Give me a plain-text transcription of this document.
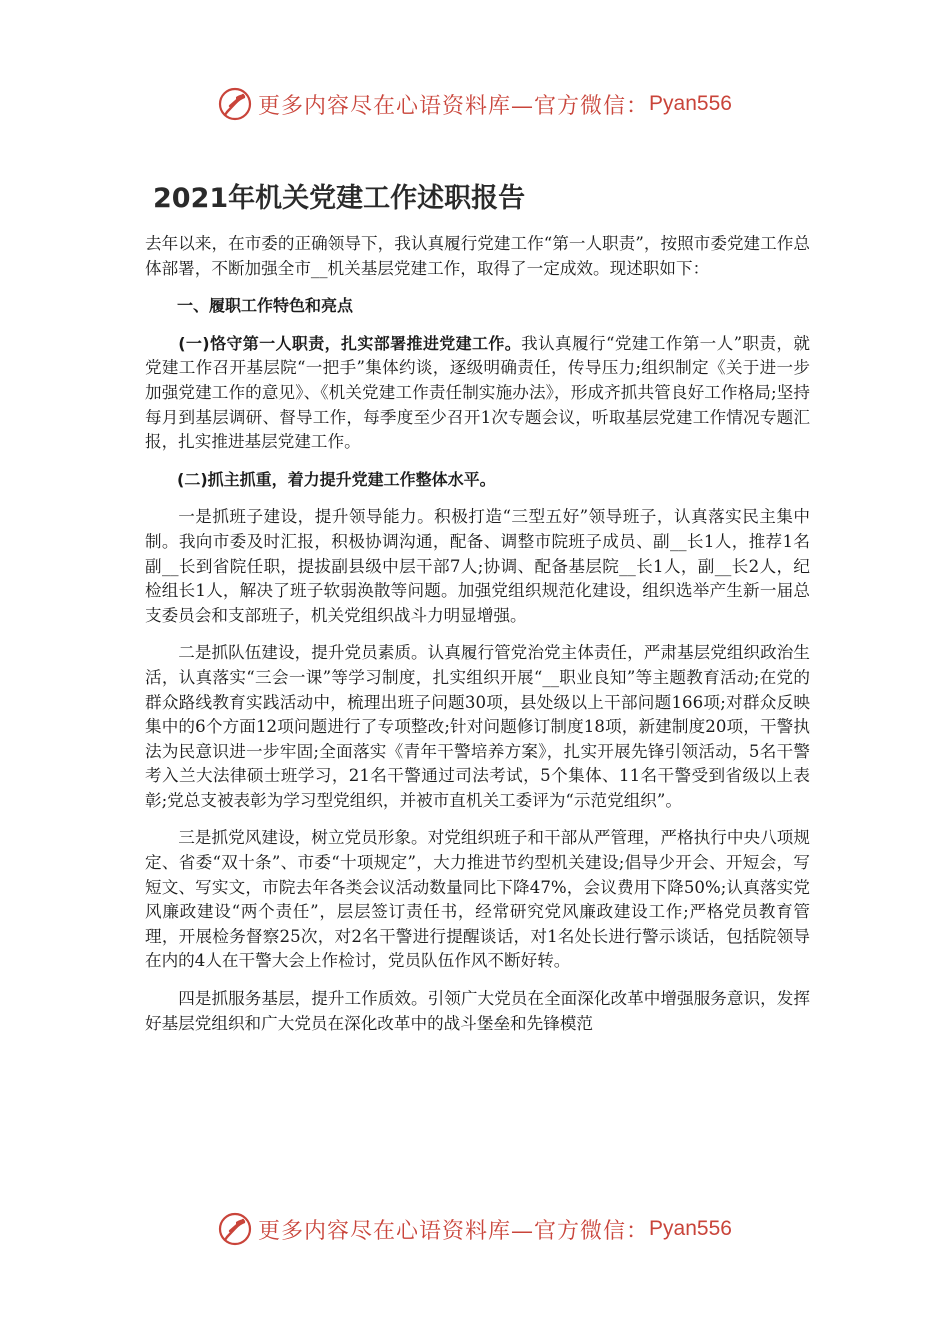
更多内容尽在心语资料库—官方微信： Pyan556
2021年机关党建工作述职报告

去年以来，在市委的正确领导下，我认真履行党建工作“第一人职责”，按照市委党建工作总体部署，不断加强全市__机关基层党建工作，取得了一定成效。现述职如下：

一、履职工作特色和亮点

(一)恪守第一人职责，扎实部署推进党建工作。我认真履行“党建工作第一人”职责，就党建工作召开基层院“一把手”集体约谈，逐级明确责任，传导压力;组织制定《关于进一步加强党建工作的意见》、《机关党建工作责任制实施办法》，形成齐抓共管良好工作格局;坚持每月到基层调研、督导工作，每季度至少召开1次专题会议，听取基层党建工作情况专题汇报，扎实推进基层党建工作。

(二)抓主抓重，着力提升党建工作整体水平。

一是抓班子建设，提升领导能力。积极打造“三型五好”领导班子，认真落实民主集中制。我向市委及时汇报，积极协调沟通，配备、调整市院班子成员、副__长1人，推荐1名副__长到省院任职，提拔副县级中层干部7人;协调、配备基层院__长1人，副__长2人，纪检组长1人，解决了班子软弱涣散等问题。加强党组织规范化建设，组织选举产生新一届总支委员会和支部班子，机关党组织战斗力明显增强。

二是抓队伍建设，提升党员素质。认真履行管党治党主体责任，严肃基层党组织政治生活，认真落实“三会一课”等学习制度，扎实组织开展“__职业良知”等主题教育活动;在党的群众路线教育实践活动中，梳理出班子问题30项，县处级以上干部问题166项;对群众反映集中的6个方面12项问题进行了专项整改;针对问题修订制度18项，新建制度20项，干警执法为民意识进一步牢固;全面落实《青年干警培养方案》，扎实开展先锋引领活动，5名干警考入兰大法律硕士班学习，21名干警通过司法考试，5个集体、11名干警受到省级以上表彰;党总支被表彰为学习型党组织，并被市直机关工委评为“示范党组织”。

三是抓党风建设，树立党员形象。对党组织班子和干部从严管理，严格执行中央八项规定、省委“双十条”、市委“十项规定”，大力推进节约型机关建设;倡导少开会、开短会，写短文、写实文，市院去年各类会议活动数量同比下降47%，会议费用下降50%;认真落实党风廉政建设“两个责任”，层层签订责任书，经常研究党风廉政建设工作;严格党员教育管理，开展检务督察25次，对2名干警进行提醒谈话，对1名处长进行警示谈话，包括院领导在内的4人在干警大会上作检讨，党员队伍作风不断好转。

四是抓服务基层，提升工作质效。引领广大党员在全面深化改革中增强服务意识，发挥好基层党组织和广大党员在深化改革中的战斗堡垒和先锋模范

更多内容尽在心语资料库—官方微信： Pyan556
